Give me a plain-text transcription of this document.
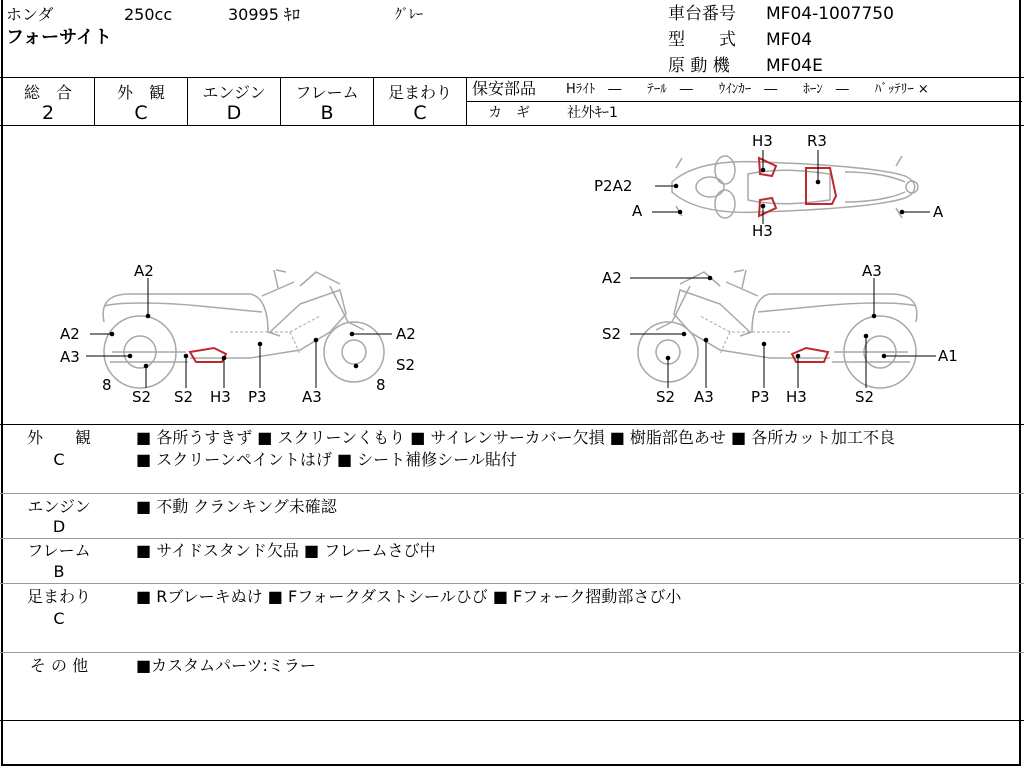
ホンダ	250cc	30995 ｷﾛ	ｸﾞﾚｰ
フォーサイト
車台番号 MF04-1007750
型　　式 MF04
原 動 機 MF04E
総　合	外　観	エンジン	フレーム	足まわり
2	C	D	B	C
保安部品 Hﾗｲﾄ　―　　ﾃｰﾙ　―　　ｳｲﾝｶｰ　―　　ﾎｰﾝ　―　　ﾊﾞｯﾃﾘｰ ×
カ　ギ	社外ｷｰ1
P2A2
A	A
H3 R3
H3
A2
A2
A3
8
S2 S2 H3 P3 A3
A2
S2
8
A2	A3
S2
S2 A3 P3 H3	S2
A1
外　　観
C
■ 各所うすきず ■ スクリーンくもり ■ サイレンサーカバー欠損 ■ 樹脂部色あせ ■ 各所カット加工不良
■ スクリーンペイントはげ ■ シート補修シール貼付
エンジン
D
■ 不動 クランキング未確認
フレーム
B
■ サイドスタンド欠品 ■ フレームさび中
足まわり
C
■ Rブレーキぬけ ■ Fフォークダストシールひび ■ Fフォーク摺動部さび小
そ の 他	■カスタムパーツ:ミラー
